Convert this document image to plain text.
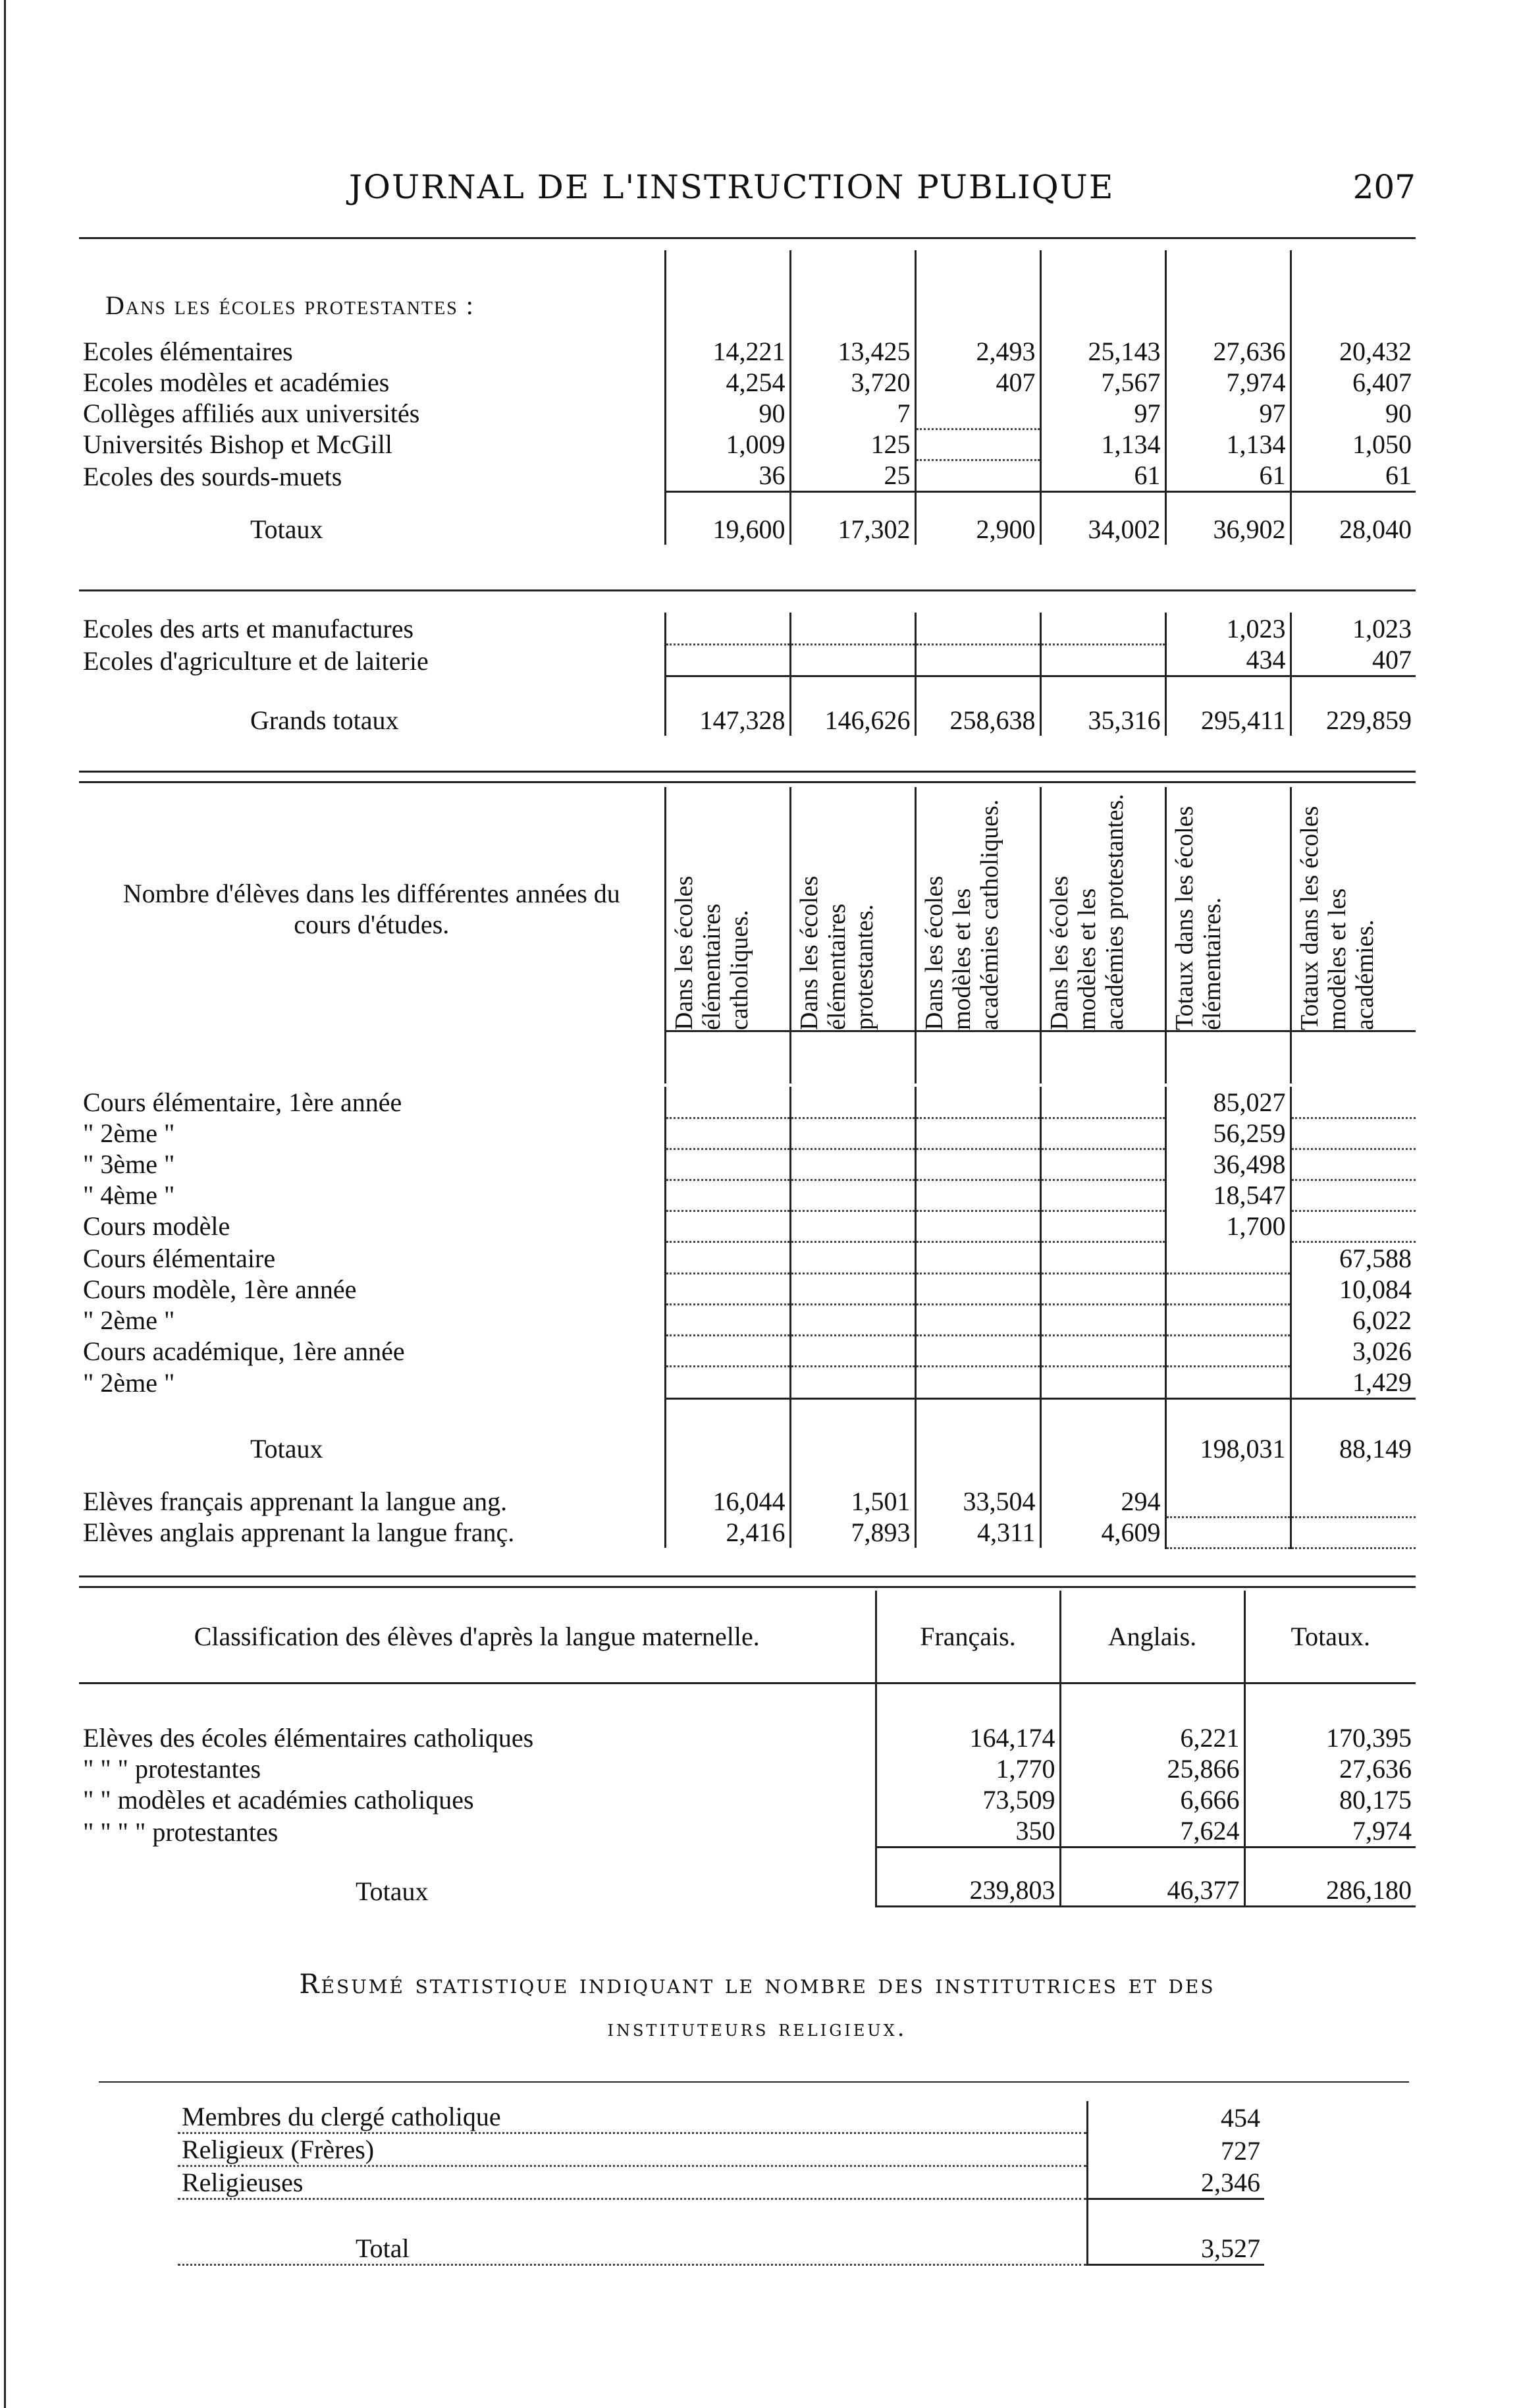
JOURNAL DE L'INSTRUCTION PUBLIQUE	207
Dans les écoles protestantes :						
Ecoles élémentaires	14,221	13,425	2,493	25,143	27,636	20,432
Ecoles modèles et académies	4,254	3,720	407	7,567	7,974	6,407
Collèges affiliés aux universités	90	7		97	97	90
Universités Bishop et McGill	1,009	125		1,134	1,134	1,050
Ecoles des sourds-muets	36	25		61	61	61
Totaux	19,600	17,302	2,900	34,002	36,902	28,040
Ecoles des arts et manufactures					1,023	1,023
Ecoles d'agriculture et de laiterie					434	407
Grands totaux	147,328	146,626	258,638	35,316	295,411	229,859
Nombre d'élèves dans les différentes années du cours d'études.	Dans les écoles élémentaires catholiques.	Dans les écoles élémentaires protestantes.	Dans les écoles modèles et les académies catholiques.	Dans les écoles modèles et les académies protestantes.	Totaux dans les écoles élémentaires.	Totaux dans les écoles modèles et les académies.

Cours élémentaire, 1ère année					85,027	
" 2ème "					56,259	
" 3ème "					36,498	
" 4ème "					18,547	
Cours modèle					1,700	
Cours élémentaire						67,588
Cours modèle, 1ère année						10,084
" 2ème "						6,022
Cours académique, 1ère année						3,026
" 2ème "						1,429
Totaux					198,031	88,149
Elèves français apprenant la langue ang.	16,044	1,501	33,504	294		
Elèves anglais apprenant la langue franç.	2,416	7,893	4,311	4,609		
Classification des élèves d'après la langue maternelle.	Français.	Anglais.	Totaux.

Elèves des écoles élémentaires catholiques	164,174	6,221	170,395
" " " protestantes	1,770	25,866	27,636
" " modèles et académies catholiques	73,509	6,666	80,175
" " " " protestantes	350	7,624	7,974
Totaux	239,803	46,377	286,180
Résumé statistique indiquant le nombre des institutrices et des
instituteurs religieux.
Membres du clergé catholique	454
Religieux (Frères)	727
Religieuses	2,346
Total	3,527
